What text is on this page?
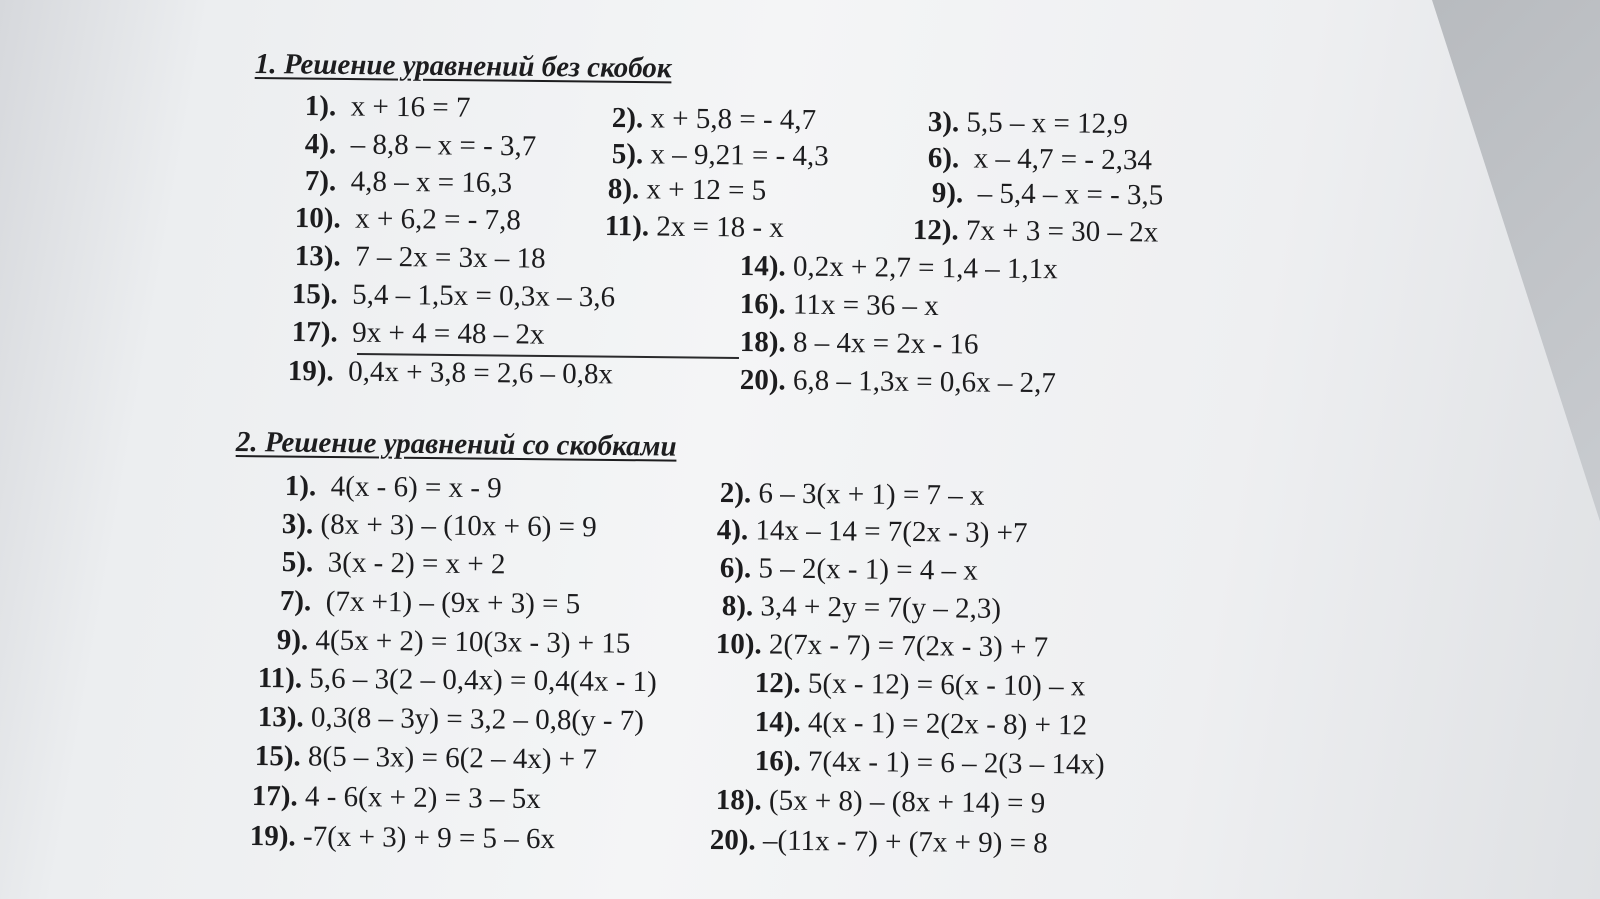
1. Решение уравнений без скобок
1). x + 16 = 7	2). x + 5,8 = - 4,7	3). 5,5 – x = 12,9
4). – 8,8 – x = - 3,7	5). x – 9,21 = - 4,3	6). x – 4,7 = - 2,34
7). 4,8 – x = 16,3	8). x + 12 = 5	9). – 5,4 – x = - 3,5
10). x + 6,2 = - 7,8	11). 2x = 18 - x	12). 7x + 3 = 30 – 2x
13). 7 – 2x = 3x – 18	14). 0,2x + 2,7 = 1,4 – 1,1x
15). 5,4 – 1,5x = 0,3x – 3,6	16). 11x = 36 – x
17). 9x + 4 = 48 – 2x	18). 8 – 4x = 2x - 16
19). 0,4x + 3,8 = 2,6 – 0,8x	20). 6,8 – 1,3x = 0,6x – 2,7
2. Решение уравнений со скобками
1). 4(x - 6) = x - 9	2). 6 – 3(x + 1) = 7 – x
3). (8x + 3) – (10x + 6) = 9	4). 14x – 14 = 7(2x - 3) +7
5). 3(x - 2) = x + 2	6). 5 – 2(x - 1) = 4 – x
7). (7x +1) – (9x + 3) = 5	8). 3,4 + 2y = 7(y – 2,3)
9). 4(5x + 2) = 10(3x - 3) + 15	10). 2(7x - 7) = 7(2x - 3) + 7
11). 5,6 – 3(2 – 0,4x) = 0,4(4x - 1)	12). 5(x - 12) = 6(x - 10) – x
13). 0,3(8 – 3y) = 3,2 – 0,8(y - 7)	14). 4(x - 1) = 2(2x - 8) + 12
15). 8(5 – 3x) = 6(2 – 4x) + 7	16). 7(4x - 1) = 6 – 2(3 – 14x)
17). 4 - 6(x + 2) = 3 – 5x	18). (5x + 8) – (8x + 14) = 9
19). -7(x + 3) + 9 = 5 – 6x	20). –(11x - 7) + (7x + 9) = 8
